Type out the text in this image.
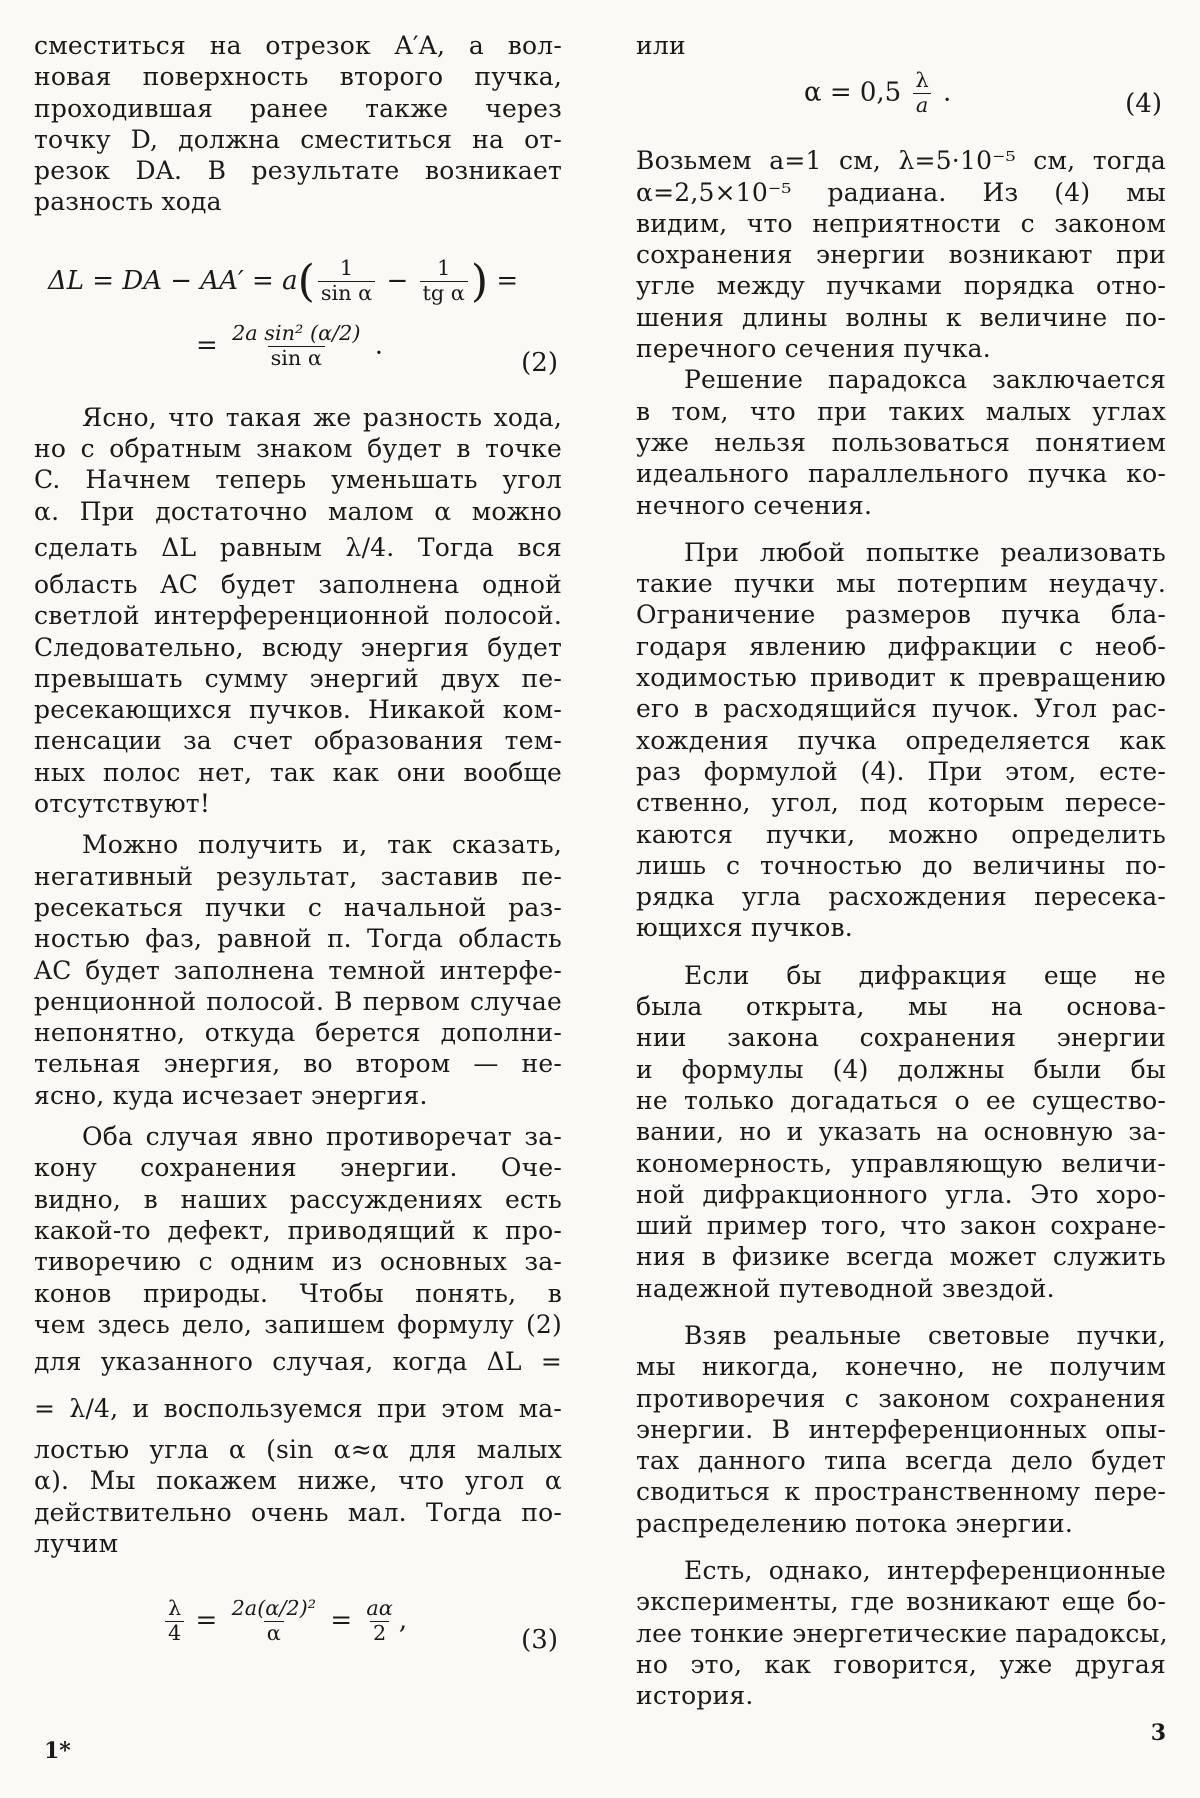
сместиться на отрезок A′A, а вол-
новая поверхность второго пучка,
проходившая ранее также через
точку D, должна сместиться на от-
резок DA. В результате возникает
разность хода
ΔL = DA − $AA' = a( \frac{1}{\text{sin α}} - \frac{1}{\text{tg α}}$ ) =
= $\frac{\text{2a sin² (α/2)}}{\text{sin α}}$ .
(2)
Ясно, что такая же разность хода,
но с обратным знаком будет в точке
C. Начнем теперь уменьшать угол
α. При достаточно малом α можно
сделать ΔL равным λ/4. Тогда вся
область AC будет заполнена одной
светлой интерференционной полосой.
Следовательно, всюду энергия будет
превышать сумму энергий двух пе-
ресекающихся пучков. Никакой ком-
пенсации за счет образования тем-
ных полос нет, так как они вообще
отсутствуют!
Можно получить и, так сказать,
негативный результат, заставив пе-
ресекаться пучки с начальной раз-
ностью фаз, равной π. Тогда область
AC будет заполнена темной интерфе-
ренционной полосой. В первом случае
непонятно, откуда берется дополни-
тельная энергия, во втором — не-
ясно, куда исчезает энергия.
Оба случая явно противоречат за-
кону сохранения энергии. Оче-
видно, в наших рассуждениях есть
какой-то дефект, приводящий к про-
тиворечию с одним из основных за-
конов природы. Чтобы понять, в
чем здесь дело, запишем формулу (2)
для указанного случая, когда ΔL =
= λ/4, и воспользуемся при этом ма-
лостью угла α (sin α≈α для малых
α). Мы покажем ниже, что угол α
действительно очень мал. Тогда по-
лучим
$\frac{\lambda}{4} = \frac{\text{2a(α/2)²}}{\alpha} = \frac{a\alpha}{2}$ ,
(3)
или
$\alpha = 0,5 \frac{\lambda}{a}$ .	(4)
Возьмем a=1 см, λ=5·10⁻⁵ см, тогда
α=2,5×10⁻⁵ радиана. Из (4) мы
видим, что неприятности с законом
сохранения энергии возникают при
угле между пучками порядка отно-
шения длины волны к величине по-
перечного сечения пучка.
Решение парадокса заключается
в том, что при таких малых углах
уже нельзя пользоваться понятием
идеального параллельного пучка ко-
нечного сечения.
При любой попытке реализовать
такие пучки мы потерпим неудачу.
Ограничение размеров пучка бла-
годаря явлению дифракции с необ-
ходимостью приводит к превращению
его в расходящийся пучок. Угол рас-
хождения пучка определяется как
раз формулой (4). При этом, есте-
ственно, угол, под которым пересе-
каются пучки, можно определить
лишь с точностью до величины по-
рядка угла расхождения пересека-
ющихся пучков.
Если бы дифракция еще не
была открыта, мы на основа-
нии закона сохранения энергии
и формулы (4) должны были бы
не только догадаться о ее существо-
вании, но и указать на основную за-
кономерность, управляющую величи-
ной дифракционного угла. Это хоро-
ший пример того, что закон сохране-
ния в физике всегда может служить
надежной путеводной звездой.
Взяв реальные световые пучки,
мы никогда, конечно, не получим
противоречия с законом сохранения
энергии. В интерференционных опы-
тах данного типа всегда дело будет
сводиться к пространственному пере-
распределению потока энергии.
Есть, однако, интерференционные
эксперименты, где возникают еще бо-
лее тонкие энергетические парадоксы,
но это, как говорится, уже другая
история.
1*
3
